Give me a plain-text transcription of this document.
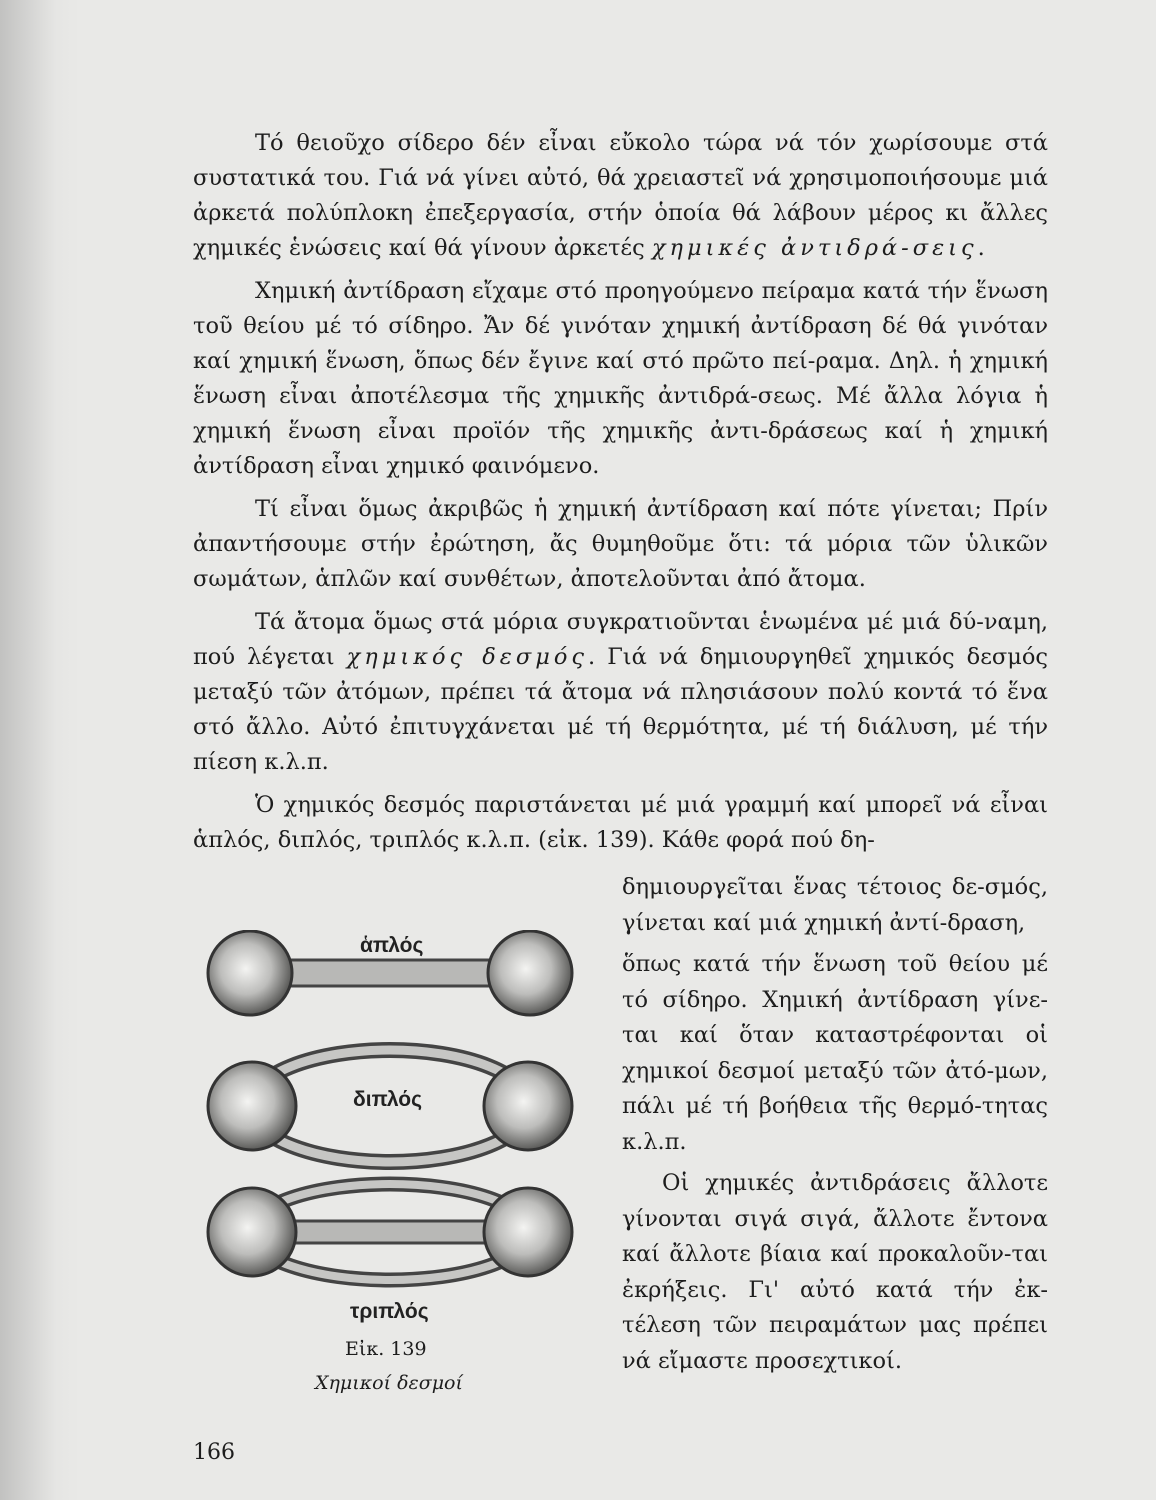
Τό θειοῦχο σίδερο δέν εἶναι εὔκολο τώρα νά τόν χωρίσουμε στά συστατικά του. Γιά νά γίνει αὐτό, θά χρειαστεῖ νά χρησιμοποιήσουμε μιά ἀρκετά πολύπλοκη ἐπεξεργασία, στήν ὁποία θά λάβουν μέρος κι ἄλλες χημικές ἑνώσεις καί θά γίνουν ἀρκετές χημικές ἀντιδρά-σεις.

Χημική ἀντίδραση εἴχαμε στό προηγούμενο πείραμα κατά τήν ἕνωση τοῦ θείου μέ τό σίδηρο. Ἄν δέ γινόταν χημική ἀντίδραση δέ θά γινόταν καί χημική ἕνωση, ὅπως δέν ἔγινε καί στό πρῶτο πεί-ραμα. Δηλ. ἡ χημική ἕνωση εἶναι ἀποτέλεσμα τῆς χημικῆς ἀντιδρά-σεως. Μέ ἄλλα λόγια ἡ χημική ἕνωση εἶναι προϊόν τῆς χημικῆς ἀντι-δράσεως καί ἡ χημική ἀντίδραση εἶναι χημικό φαινόμενο.

Τί εἶναι ὅμως ἀκριβῶς ἡ χημική ἀντίδραση καί πότε γίνεται; Πρίν ἀπαντήσουμε στήν ἐρώτηση, ἄς θυμηθοῦμε ὅτι: τά μόρια τῶν ὑλικῶν σωμάτων, ἁπλῶν καί συνθέτων, ἀποτελοῦνται ἀπό ἄτομα.

Τά ἄτομα ὅμως στά μόρια συγκρατιοῦνται ἑνωμένα μέ μιά δύ-ναμη, πού λέγεται χημικός δεσμός. Γιά νά δημιουργηθεῖ χημικός δεσμός μεταξύ τῶν ἀτόμων, πρέπει τά ἄτομα νά πλησιάσουν πολύ κοντά τό ἕνα στό ἄλλο. Αὐτό ἐπιτυγχάνεται μέ τή θερμότητα, μέ τή διάλυση, μέ τήν πίεση κ.λ.π.

Ὁ χημικός δεσμός παριστάνεται μέ μιά γραμμή καί μπορεῖ νά εἶναι ἁπλός, διπλός, τριπλός κ.λ.π. (εἰκ. 139). Κάθε φορά πού δη-

δημιουργεῖται ἕνας τέτοιος δε-σμός, γίνεται καί μιά χημική ἀντί-δραση,

ὅπως κατά τήν ἕνωση τοῦ θείου μέ τό σίδηρο. Χημική ἀντίδραση γίνε-ται καί ὅταν καταστρέφονται οἱ χημικοί δεσμοί μεταξύ τῶν ἀτό-μων, πάλι μέ τή βοήθεια τῆς θερμό-τητας κ.λ.π.

Οἱ χημικές ἀντιδράσεις ἄλλοτε γίνονται σιγά σιγά, ἄλλοτε ἔντονα καί ἄλλοτε βίαια καί προκαλοῦν-ται ἐκρήξεις. Γι' αὐτό κατά τήν ἐκ-τέλεση τῶν πειραμάτων μας πρέπει νά εἴμαστε προσεχτικοί.

ἁπλός
διπλός
τριπλός
Εἰκ. 139
Χημικοί δεσμοί
166
